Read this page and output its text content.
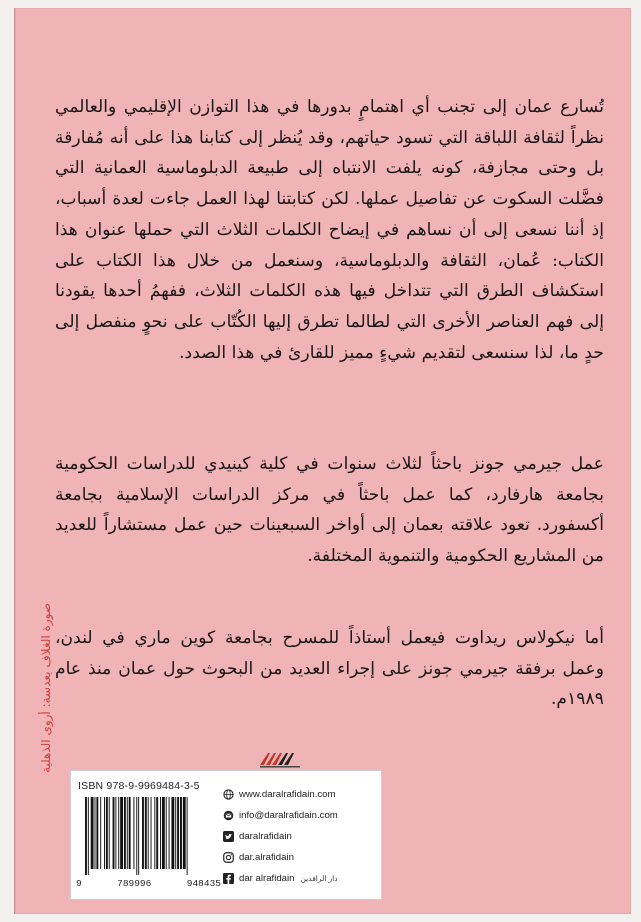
تُسارع عمان إلى تجنب أي اهتمامٍ بدورها في هذا التوازن الإقليمي والعالمي نظراً لثقافة اللباقة التي تسود حياتهم، وقد يُنظر إلى كتابنا هذا على أنه مُفارقة بل وحتى مجازفة، كونه يلفت الانتباه إلى طبيعة الدبلوماسية العمانية التي فضَّلت السكوت عن تفاصيل عملها. لكن كتابتنا لهذا العمل جاءت لعدة أسباب، إذ أننا نسعى إلى أن نساهم في إيضاح الكلمات الثلاث التي حملها عنوان هذا الكتاب: عُمان، الثقافة والدبلوماسية، وسنعمل من خلال هذا الكتاب على استكشاف الطرق التي تتداخل فيها هذه الكلمات الثلاث، ففهمُ أحدها يقودنا إلى فهم العناصر الأخرى التي لطالما تطرق إليها الكُتّاب على نحوٍ منفصل إلى حدٍ ما، لذا سنسعى لتقديم شيءٍ مميز للقارئ في هذا الصدد.
عمل جيرمي جونز باحثاً لثلاث سنوات في كلية كينيدي للدراسات الحكومية بجامعة هارفارد، كما عمل باحثاً في مركز الدراسات الإسلامية بجامعة أكسفورد. تعود علاقته بعمان إلى أواخر السبعينات حين عمل مستشاراً للعديد من المشاريع الحكومية والتنموية المختلفة.
أما نيكولاس ريداوت فيعمل أستاذاً للمسرح بجامعة كوين ماري في لندن، وعمل برفقة جيرمي جونز على إجراء العديد من البحوث حول عمان منذ عام ١٩٨٩م.
صورة الغلاف بعدسة: أروى الذهلية
ISBN 978-9-9969484-3-5
9	789996	948435
www.daralrafidain.com
info@daralrafidain.com
daralrafidain
dar.alrafidain
dar alrafidain دار الرافدين
